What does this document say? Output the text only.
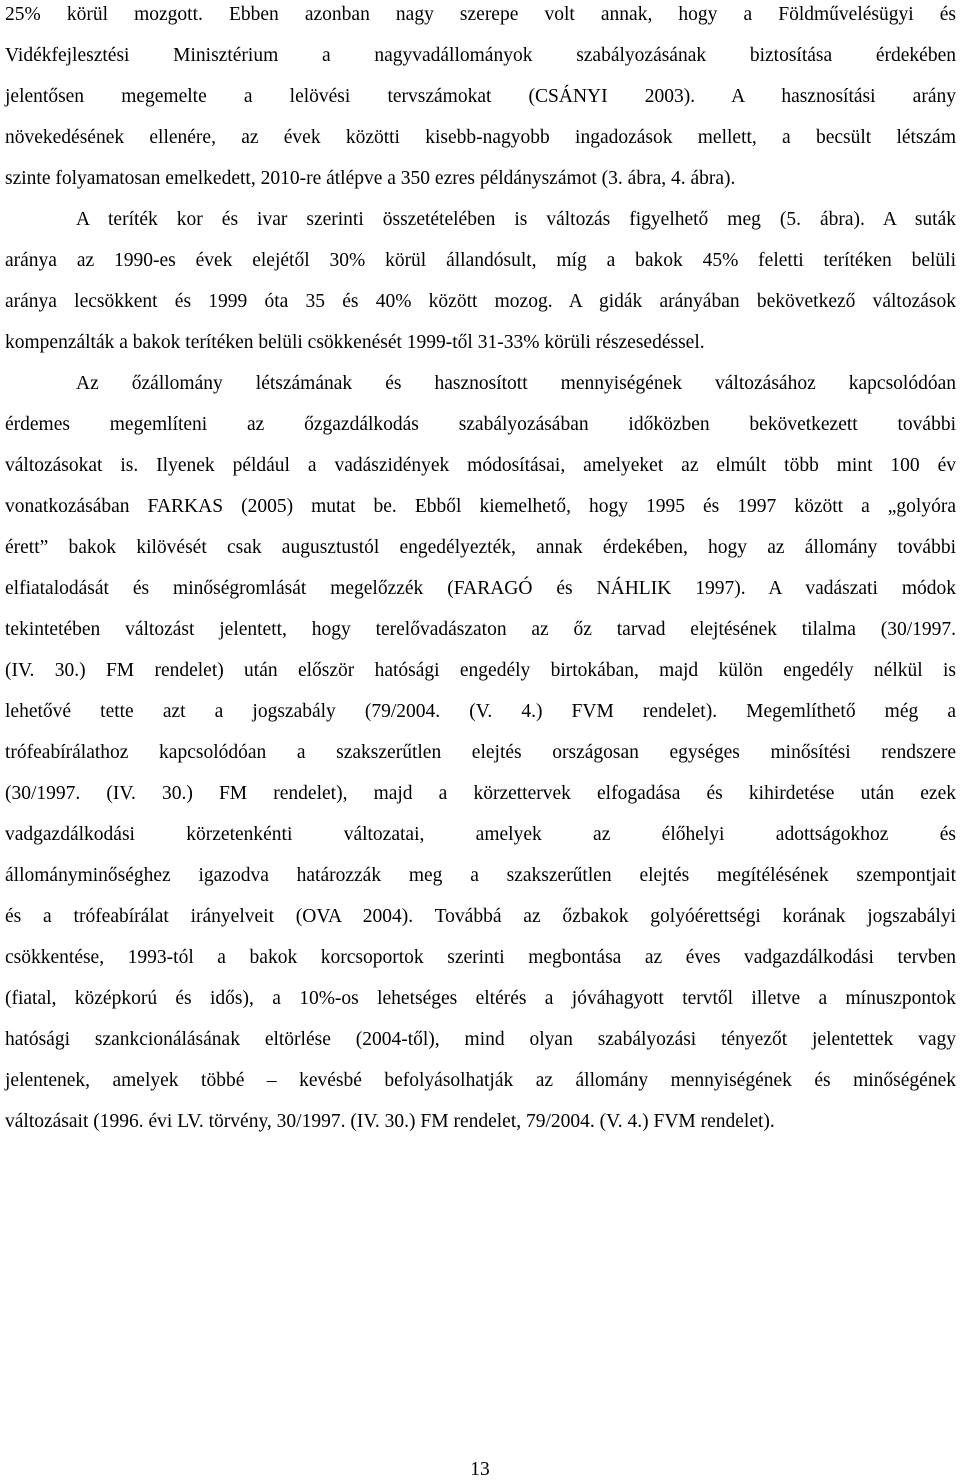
25% körül mozgott. Ebben azonban nagy szerepe volt annak, hogy a Földművelésügyi és
Vidékfejlesztési Minisztérium a nagyvadállományok szabályozásának biztosítása érdekében
jelentősen megemelte a lelövési tervszámokat (CSÁNYI 2003). A hasznosítási arány
növekedésének ellenére, az évek közötti kisebb-nagyobb ingadozások mellett, a becsült létszám
szinte folyamatosan emelkedett, 2010-re átlépve a 350 ezres példányszámot (3. ábra, 4. ábra).
A teríték kor és ivar szerinti összetételében is változás figyelhető meg (5. ábra). A suták
aránya az 1990-es évek elejétől 30% körül állandósult, míg a bakok 45% feletti terítéken belüli
aránya lecsökkent és 1999 óta 35 és 40% között mozog. A gidák arányában bekövetkező változások
kompenzálták a bakok terítéken belüli csökkenését 1999-től 31-33% körüli részesedéssel.
Az őzállomány létszámának és hasznosított mennyiségének változásához kapcsolódóan
érdemes megemlíteni az őzgazdálkodás szabályozásában időközben bekövetkezett további
változásokat is. Ilyenek például a vadászidények módosításai, amelyeket az elmúlt több mint 100 év
vonatkozásában FARKAS (2005) mutat be. Ebből kiemelhető, hogy 1995 és 1997 között a „golyóra
érett” bakok kilövését csak augusztustól engedélyezték, annak érdekében, hogy az állomány további
elfiatalodását és minőségromlását megelőzzék (FARAGÓ és NÁHLIK 1997). A vadászati módok
tekintetében változást jelentett, hogy terelővadászaton az őz tarvad elejtésének tilalma (30/1997.
(IV. 30.) FM rendelet) után először hatósági engedély birtokában, majd külön engedély nélkül is
lehetővé tette azt a jogszabály (79/2004. (V. 4.) FVM rendelet). Megemlíthető még a
trófeabírálathoz kapcsolódóan a szakszerűtlen elejtés országosan egységes minősítési rendszere
(30/1997. (IV. 30.) FM rendelet), majd a körzettervek elfogadása és kihirdetése után ezek
vadgazdálkodási körzetenkénti változatai, amelyek az élőhelyi adottságokhoz és
állományminőséghez igazodva határozzák meg a szakszerűtlen elejtés megítélésének szempontjait
és a trófeabírálat irányelveit (OVA 2004). Továbbá az őzbakok golyóérettségi korának jogszabályi
csökkentése, 1993-tól a bakok korcsoportok szerinti megbontása az éves vadgazdálkodási tervben
(fiatal, középkorú és idős), a 10%-os lehetséges eltérés a jóváhagyott tervtől illetve a mínuszpontok
hatósági szankcionálásának eltörlése (2004-től), mind olyan szabályozási tényezőt jelentettek vagy
jelentenek, amelyek többé – kevésbé befolyásolhatják az állomány mennyiségének és minőségének
változásait (1996. évi LV. törvény, 30/1997. (IV. 30.) FM rendelet, 79/2004. (V. 4.) FVM rendelet).
13
